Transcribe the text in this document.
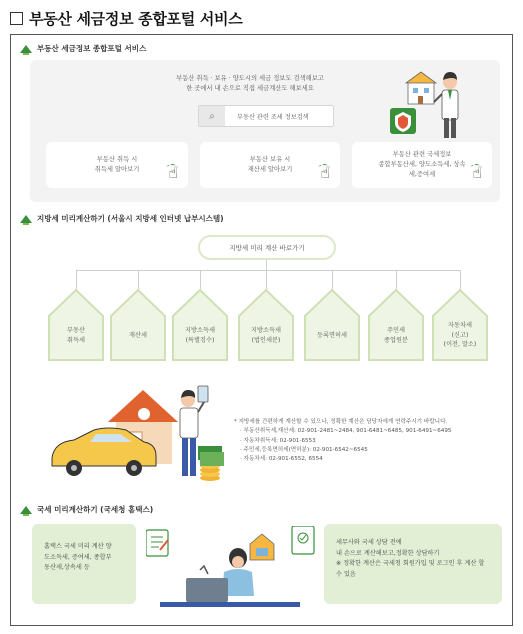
부동산 세금정보 종합포털 서비스
부동산 세금정보 종합포털 서비스
부동산 취득 · 보유 · 양도시의 세금 정보도 검색해보고
한 곳에서 내 손으로 직접 세금계산도 해보세요
⌕	부동산 관련 조세 정보검색
부동산 취득 시
취득세 알아보기 ☝
부동산 보유 시
재산세 알아보기 ☝
부동산 관련 국세정보
종합부동산세, 양도소득세, 상속
세,증여세	☝
지방세 미리계산하기 (서울시 지방세 인터넷 납부시스템)
지방세 미리 계산 바로가기
부동산
취득세
재산세
지방소득세
(특별징수)
지방소득세
(법인세분)
등록면허세
주민세
종업원분
자동차세
(신고)
(이전, 말소)
* 지방세를 간편하게 계산할 수 있으나, 정확한 계산은 담당자에게 연락주시기 바랍니다.
· 부동산취득세,재산세: 02-901-2481~2484, 901-6481~6485, 901-6491~6495
· 자동차취득세: 02-901-6553
· 주민세,등록면허세(면허분): 02-901-6542~6545
· 자동차세: 02-901-6552, 6554
국세 미리계산하기 (국세청 홈택스)
홈택스 국세 미리 계산 양
도소득세, 증여세, 종합부
동산세,상속세 등
세무사와 국세 상담 전에
내 손으로 계산해보고,정확한 상담하기
※ 정확한 계산은 국세청 회원가입 및 로그인 후 계산 할
수 있음
